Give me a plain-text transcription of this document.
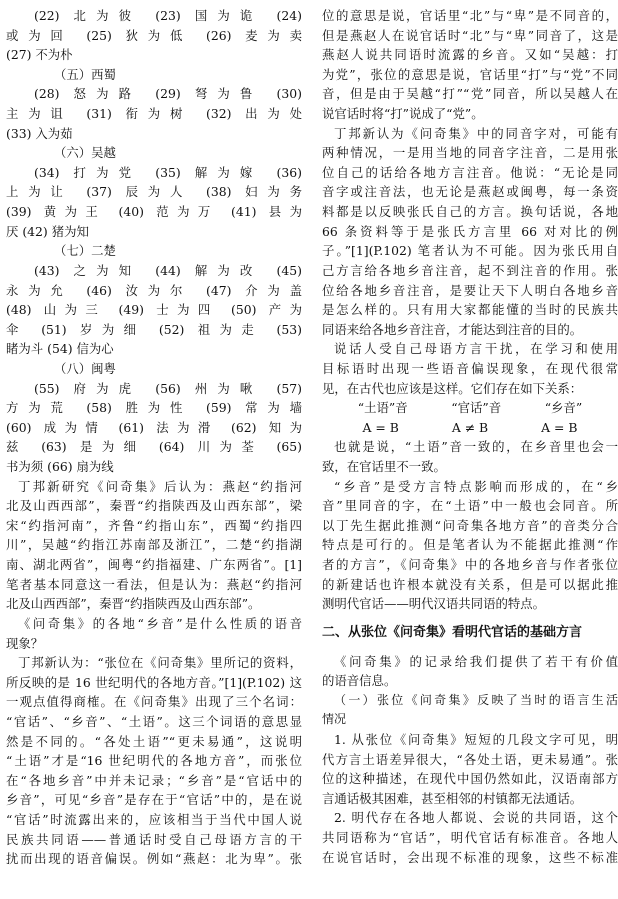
(22) 北为彼 (23) 国为诡 (24)
或为回 (25) 狄为低 (26) 麦为卖
(27) 不为朴
（五）西蜀
(28) 怒为路 (29) 弩为鲁 (30)
主为诅 (31) 衔为树 (32) 出为处
(33) 入为茹
（六）吴越
(34) 打为党 (35) 解为嫁 (36)
上为让 (37) 辰为人 (38) 妇为务
(39) 黄为王 (40) 范为万 (41) 县为
厌 (42) 猪为知
（七）二楚
(43) 之为知 (44) 解为改 (45)
永为允 (46) 汝为尔 (47) 介为盖
(48) 山为三 (49) 士为四 (50) 产为
伞 (51) 岁为细 (52) 祖为走 (53)
睹为斗 (54) 信为心
（八）闽粤
(55) 府为虎 (56) 州为啾 (57)
方为荒 (58) 胜为性 (59) 常为墙
(60) 成为情 (61) 法为滑 (62) 知为
兹 (63) 是为细 (64) 川为荃 (65)
书为须 (66) 扇为线
丁邦新研究《问奇集》后认为：燕赵“约指河
北及山西西部”，秦晋“约指陕西及山西东部”，梁
宋“约指河南”，齐鲁“约指山东”，西蜀“约指四
川”，吴越“约指江苏南部及浙江”，二楚“约指湖
南、湖北两省”，闽粤“约指福建、广东两省”。[1]
笔者基本同意这一看法，但是认为：燕赵“约指河
北及山西西部”，秦晋“约指陕西及山西东部”。
《问奇集》的各地“乡音”是什么性质的语音
现象？
丁邦新认为：“张位在《问奇集》里所记的资料，
所反映的是 16 世纪明代的各地方音。”[1](P.102) 这
一观点值得商榷。在《问奇集》出现了三个名词：
“官话”、“乡音”、“土语”。这三个词语的意思显
然是不同的。“各处土语”“更未易通”，这说明
“土语”才是“16 世纪明代的各地方音”，而张位
在“各地乡音”中并未记录；“乡音”是“官话中的
乡音”，可见“乡音”是存在于“官话”中的，是在说
“官话”时流露出来的，应该相当于当代中国人说
民族共同语——普通话时受自己母语方言的干
扰而出现的语音偏误。例如“燕赵：北为卑”。张
位的意思是说，官话里“北”与“卑”是不同音的，
但是燕赵人在说官话时“北”与“卑”同音了，这是
燕赵人说共同语时流露的乡音。又如“吴越：打
为党”，张位的意思是说，官话里“打”与“党”不同
音，但是由于吴越“打”“党”同音，所以吴越人在
说官话时将“打”说成了“党”。
丁邦新认为《问奇集》中的同音字对，可能有
两种情况，一是用当地的同音字注音，二是用张
位自己的话给各地方言注音。他说：“无论是同
音字或注音法，也无论是燕赵或闽粤，每一条资
料都是以反映张氏自己的方言。换句话说，各地
66 条资料等于是张氏方言里 66 对对比的例
子。”[1](P.102) 笔者认为不可能。因为张氏用自
己方言给各地乡音注音，起不到注音的作用。张
位给各地乡音注音，是要让天下人明白各地乡音
是怎么样的。只有用大家都能懂的当时的民族共
同语来给各地乡音注音，才能达到注音的目的。
说话人受自己母语方言干扰，在学习和使用
目标语时出现一些语音偏误现象，在现代很常
见，在古代也应该是这样。它们存在如下关系：
“土语”音	“官话”音	“乡音”
A = B	A ≠ B	A = B
也就是说，“土语”音一致的，在乡音里也会一
致，在官话里不一致。
“乡音”是受方言特点影响而形成的，在“乡
音”里同音的字，在“土语”中一般也会同音。所
以丁先生据此推测“问奇集各地方音”的音类分合
特点是可行的。但是笔者认为不能据此推测“作
者的方言”，《问奇集》中的各地乡音与作者张位
的新建话也许根本就没有关系，但是可以据此推
测明代官话——明代汉语共同语的特点。
二、从张位《问奇集》看明代官话的基础方言
《问奇集》的记录给我们提供了若干有价值
的语音信息。
（一）张位《问奇集》反映了当时的语言生活
情况
1. 从张位《问奇集》短短的几段文字可见，明
代方言土语差异很大，“各处土语，更未易通”。张
位的这种描述，在现代中国仍然如此，汉语南部方
言通话极其困难，甚至相邻的村镇都无法通话。
2. 明代存在各地人都说、会说的共同语，这个
共同语称为“官话”，明代官话有标准音。各地人
在说官话时，会出现不标准的现象，这些不标准
